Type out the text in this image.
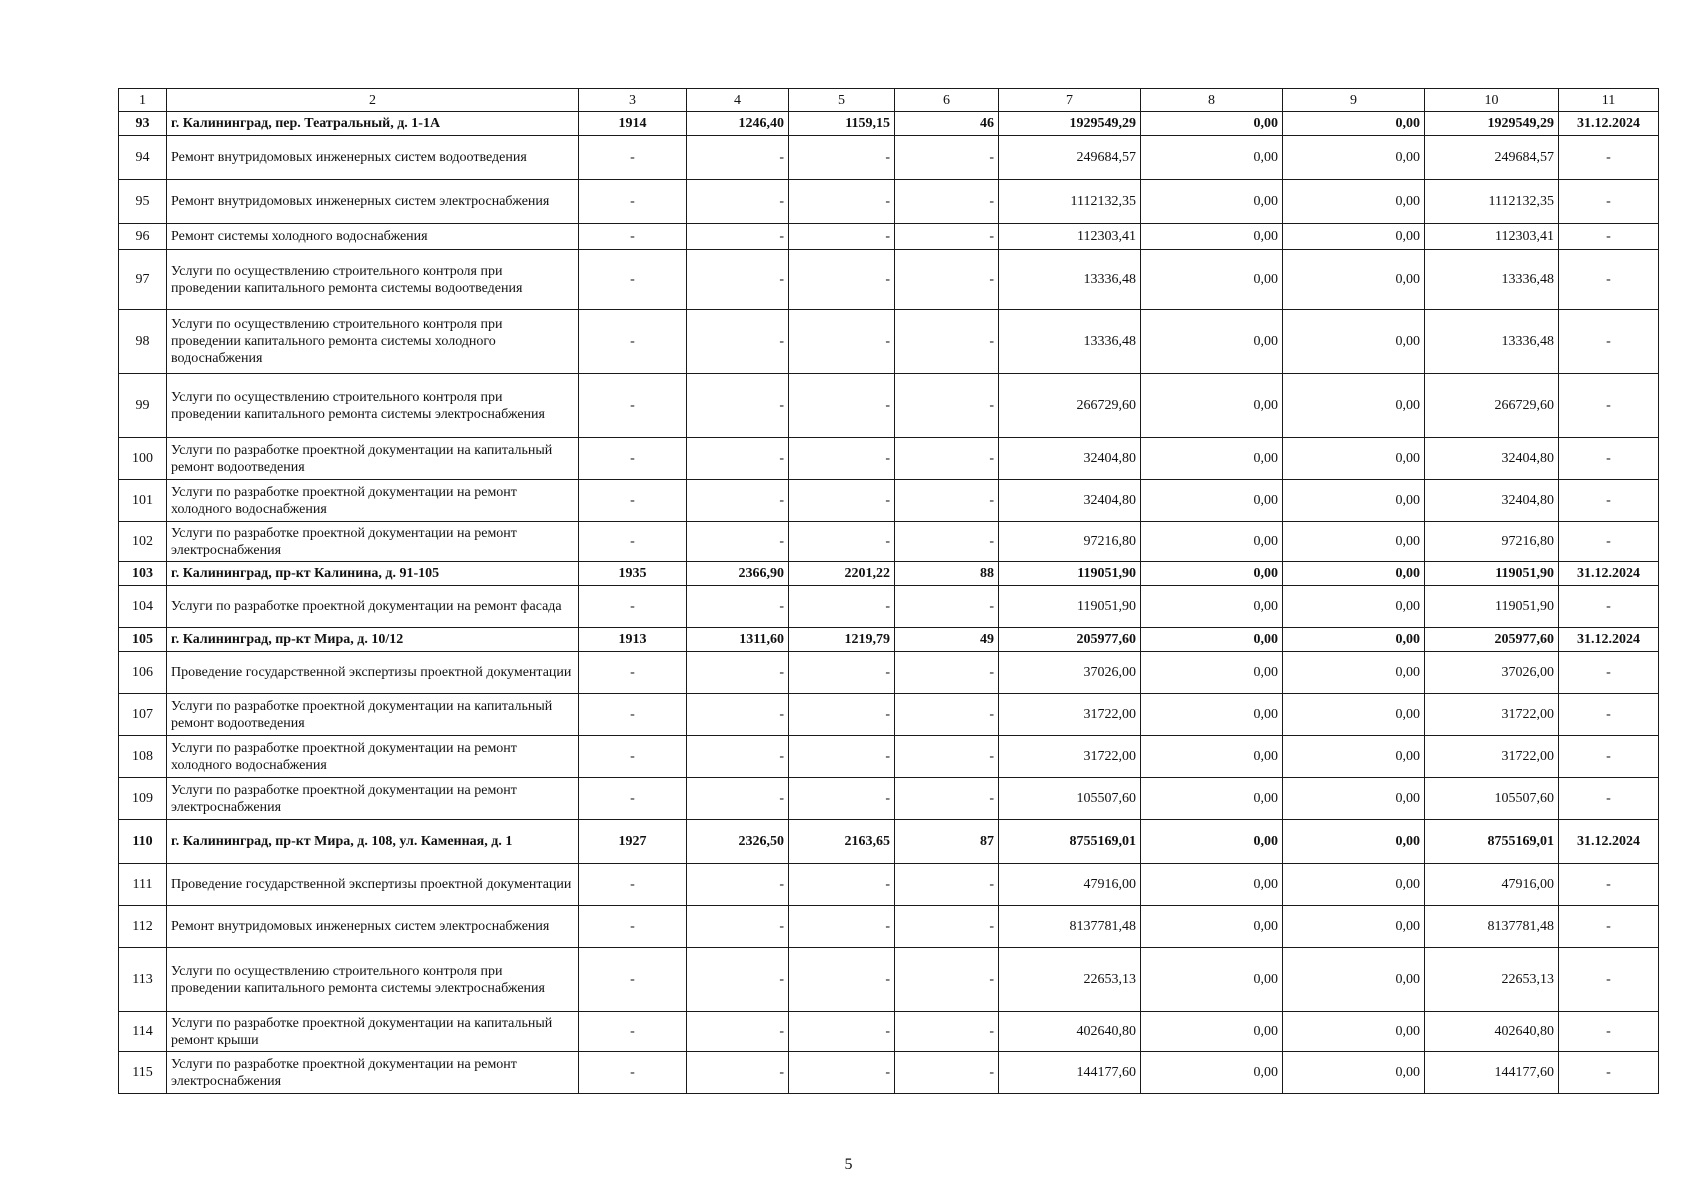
1	2	3	4	5	6	7	8	9	10	11
93	г. Калининград, пер. Театральный, д. 1-1А	1914	1246,40	1159,15	46	1929549,29	0,00	0,00	1929549,29	31.12.2024
94	Ремонт внутридомовых инженерных систем водоотведения	-	-	-	-	249684,57	0,00	0,00	249684,57	-
95	Ремонт внутридомовых инженерных систем электроснабжения	-	-	-	-	1112132,35	0,00	0,00	1112132,35	-
96	Ремонт системы холодного водоснабжения	-	-	-	-	112303,41	0,00	0,00	112303,41	-
97	Услуги по осуществлению строительного контроля при проведении капитального ремонта системы водоотведения	-	-	-	-	13336,48	0,00	0,00	13336,48	-
98	Услуги по осуществлению строительного контроля при проведении капитального ремонта системы холодного водоснабжения	-	-	-	-	13336,48	0,00	0,00	13336,48	-
99	Услуги по осуществлению строительного контроля при проведении капитального ремонта системы электроснабжения	-	-	-	-	266729,60	0,00	0,00	266729,60	-
100	Услуги по разработке проектной документации на капитальный ремонт водоотведения	-	-	-	-	32404,80	0,00	0,00	32404,80	-
101	Услуги по разработке проектной документации на ремонт холодного водоснабжения	-	-	-	-	32404,80	0,00	0,00	32404,80	-
102	Услуги по разработке проектной документации на ремонт электроснабжения	-	-	-	-	97216,80	0,00	0,00	97216,80	-
103	г. Калининград, пр-кт Калинина, д. 91-105	1935	2366,90	2201,22	88	119051,90	0,00	0,00	119051,90	31.12.2024
104	Услуги по разработке проектной документации на ремонт фасада	-	-	-	-	119051,90	0,00	0,00	119051,90	-
105	г. Калининград, пр-кт Мира, д. 10/12	1913	1311,60	1219,79	49	205977,60	0,00	0,00	205977,60	31.12.2024
106	Проведение государственной экспертизы проектной документации	-	-	-	-	37026,00	0,00	0,00	37026,00	-
107	Услуги по разработке проектной документации на капитальный ремонт водоотведения	-	-	-	-	31722,00	0,00	0,00	31722,00	-
108	Услуги по разработке проектной документации на ремонт холодного водоснабжения	-	-	-	-	31722,00	0,00	0,00	31722,00	-
109	Услуги по разработке проектной документации на ремонт электроснабжения	-	-	-	-	105507,60	0,00	0,00	105507,60	-
110	г. Калининград, пр-кт Мира, д. 108, ул. Каменная, д. 1	1927	2326,50	2163,65	87	8755169,01	0,00	0,00	8755169,01	31.12.2024
111	Проведение государственной экспертизы проектной документации	-	-	-	-	47916,00	0,00	0,00	47916,00	-
112	Ремонт внутридомовых инженерных систем электроснабжения	-	-	-	-	8137781,48	0,00	0,00	8137781,48	-
113	Услуги по осуществлению строительного контроля при проведении капитального ремонта системы электроснабжения	-	-	-	-	22653,13	0,00	0,00	22653,13	-
114	Услуги по разработке проектной документации на капитальный ремонт крыши	-	-	-	-	402640,80	0,00	0,00	402640,80	-
115	Услуги по разработке проектной документации на ремонт электроснабжения	-	-	-	-	144177,60	0,00	0,00	144177,60	-
5
